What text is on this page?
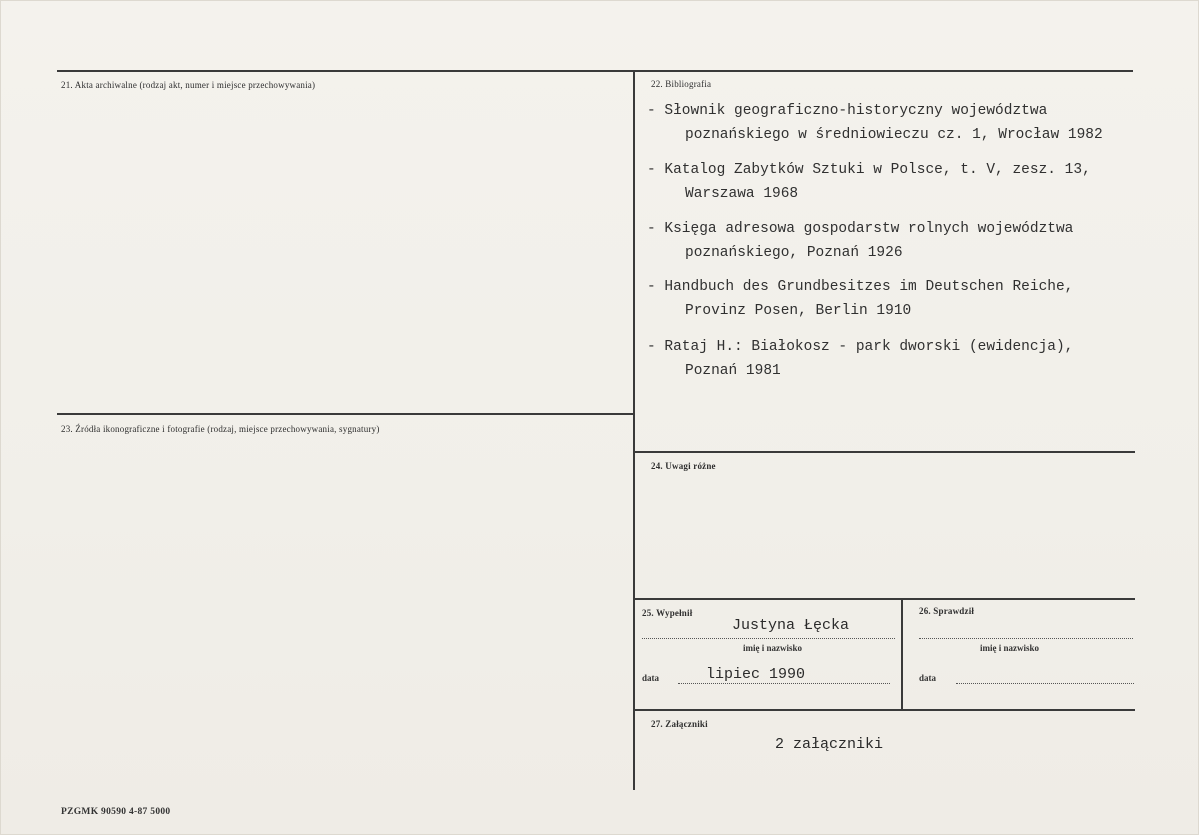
21. Akta archiwalne (rodzaj akt, numer i miejsce przechowywania)
23. Źródła ikonograficzne i fotografie (rodzaj, miejsce przechowywania, sygnatury)
22. Bibliografia
- Słownik geograficzno-historyczny województwa
poznańskiego w średniowieczu cz. 1, Wrocław 1982
- Katalog Zabytków Sztuki w Polsce, t. V, zesz. 13,
Warszawa 1968
- Księga adresowa gospodarstw rolnych województwa
poznańskiego, Poznań 1926
- Handbuch des Grundbesitzes im Deutschen Reiche,
Provinz Posen, Berlin 1910
- Rataj H.: Białokosz - park dworski (ewidencja),
Poznań 1981
24. Uwagi różne
25. Wypełnił
Justyna Łęcka
imię i nazwisko
data	lipiec 1990
26. Sprawdził
imię i nazwisko
data
27. Załączniki
2 załączniki
PZGMK 90590 4-87 5000
